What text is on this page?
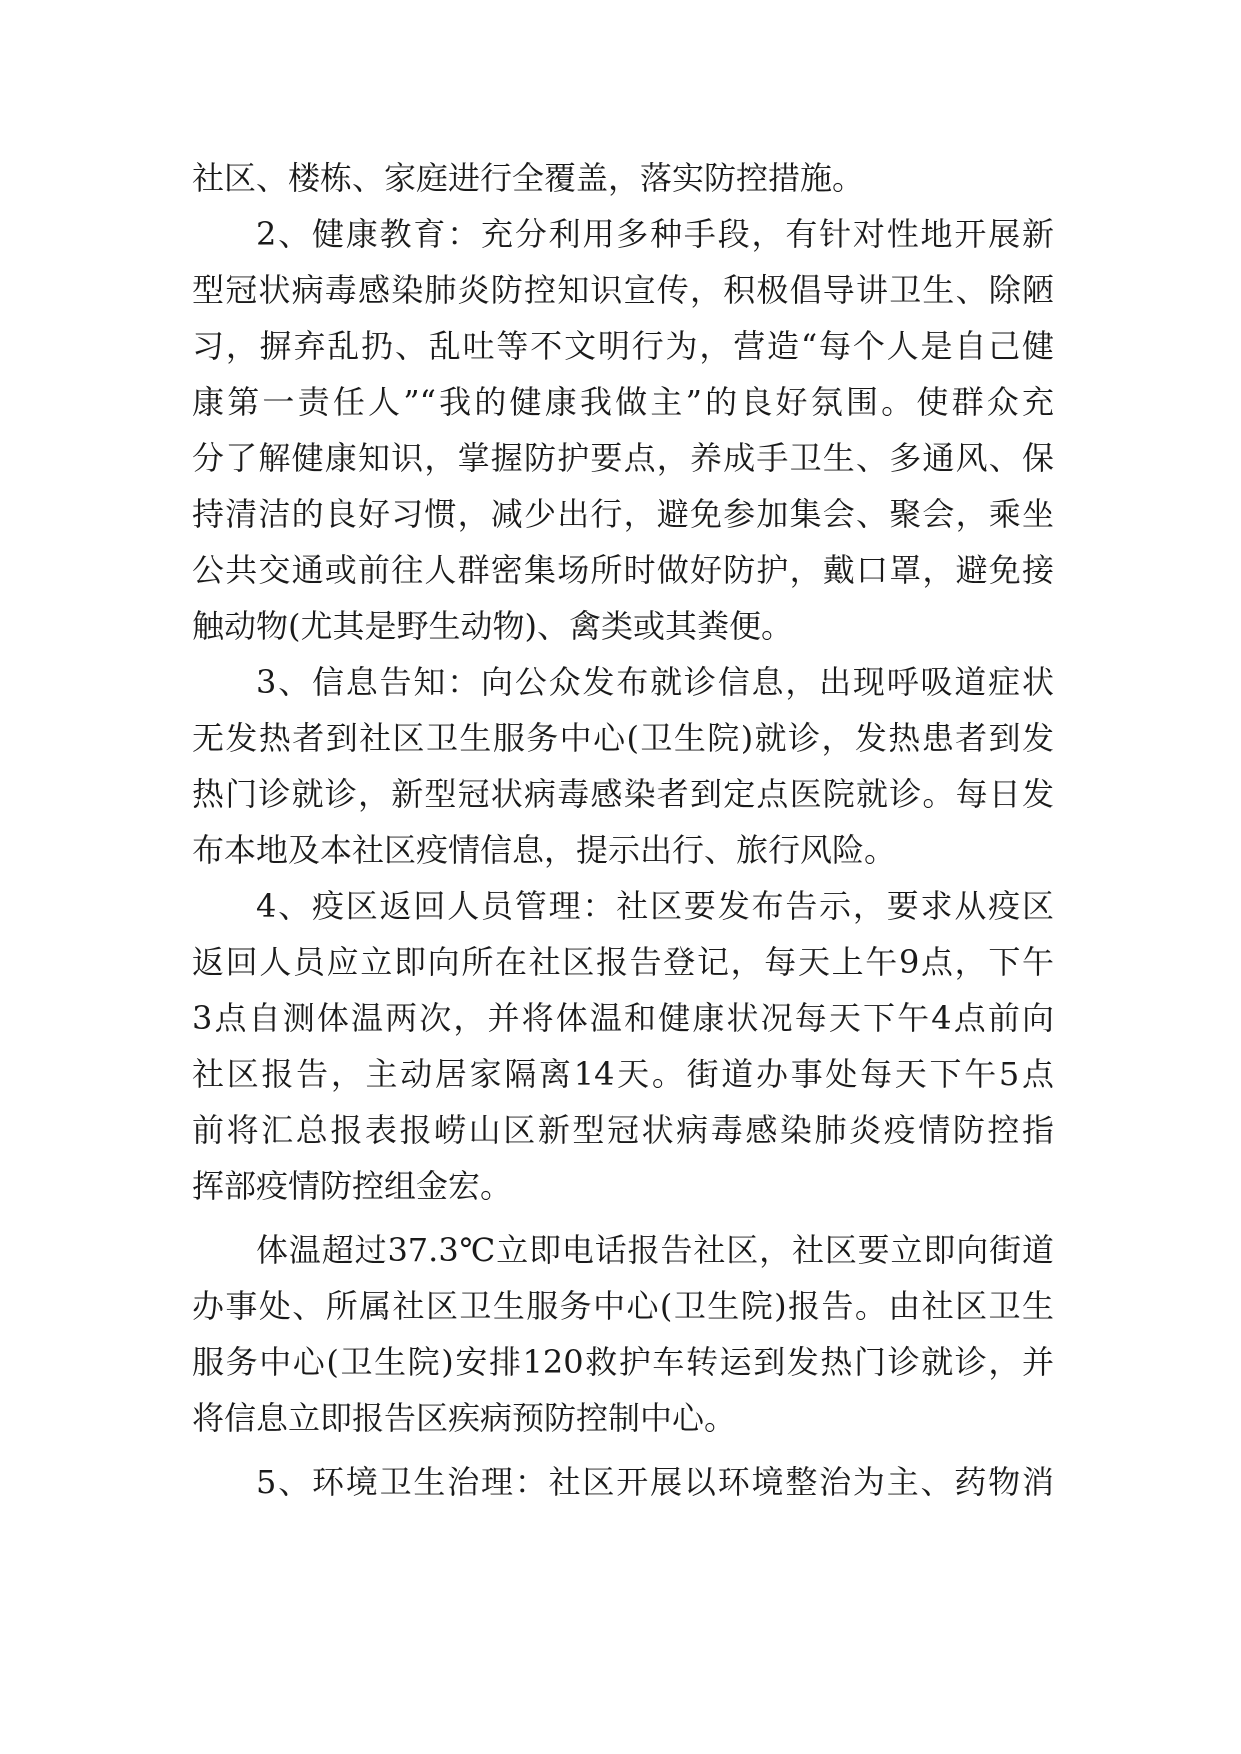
社区、楼栋、家庭进行全覆盖，落实防控措施。
2、健康教育：充分利用多种手段，有针对性地开展新
型冠状病毒感染肺炎防控知识宣传，积极倡导讲卫生、除陋
习，摒弃乱扔、乱吐等不文明行为，营造“每个人是自己健
康第一责任人”“我的健康我做主”的良好氛围。使群众充
分了解健康知识，掌握防护要点，养成手卫生、多通风、保
持清洁的良好习惯，减少出行，避免参加集会、聚会，乘坐
公共交通或前往人群密集场所时做好防护，戴口罩，避免接
触动物(尤其是野生动物)、禽类或其粪便。
3、信息告知：向公众发布就诊信息，出现呼吸道症状
无发热者到社区卫生服务中心(卫生院)就诊，发热患者到发
热门诊就诊，新型冠状病毒感染者到定点医院就诊。每日发
布本地及本社区疫情信息，提示出行、旅行风险。
4、疫区返回人员管理：社区要发布告示，要求从疫区
返回人员应立即向所在社区报告登记，每天上午9点，下午
3点自测体温两次，并将体温和健康状况每天下午4点前向
社区报告，主动居家隔离14天。街道办事处每天下午5点
前将汇总报表报崂山区新型冠状病毒感染肺炎疫情防控指
挥部疫情防控组金宏。
体温超过37.3℃立即电话报告社区，社区要立即向街道
办事处、所属社区卫生服务中心(卫生院)报告。由社区卫生
服务中心(卫生院)安排120救护车转运到发热门诊就诊，并
将信息立即报告区疾病预防控制中心。
5、环境卫生治理：社区开展以环境整治为主、药物消
